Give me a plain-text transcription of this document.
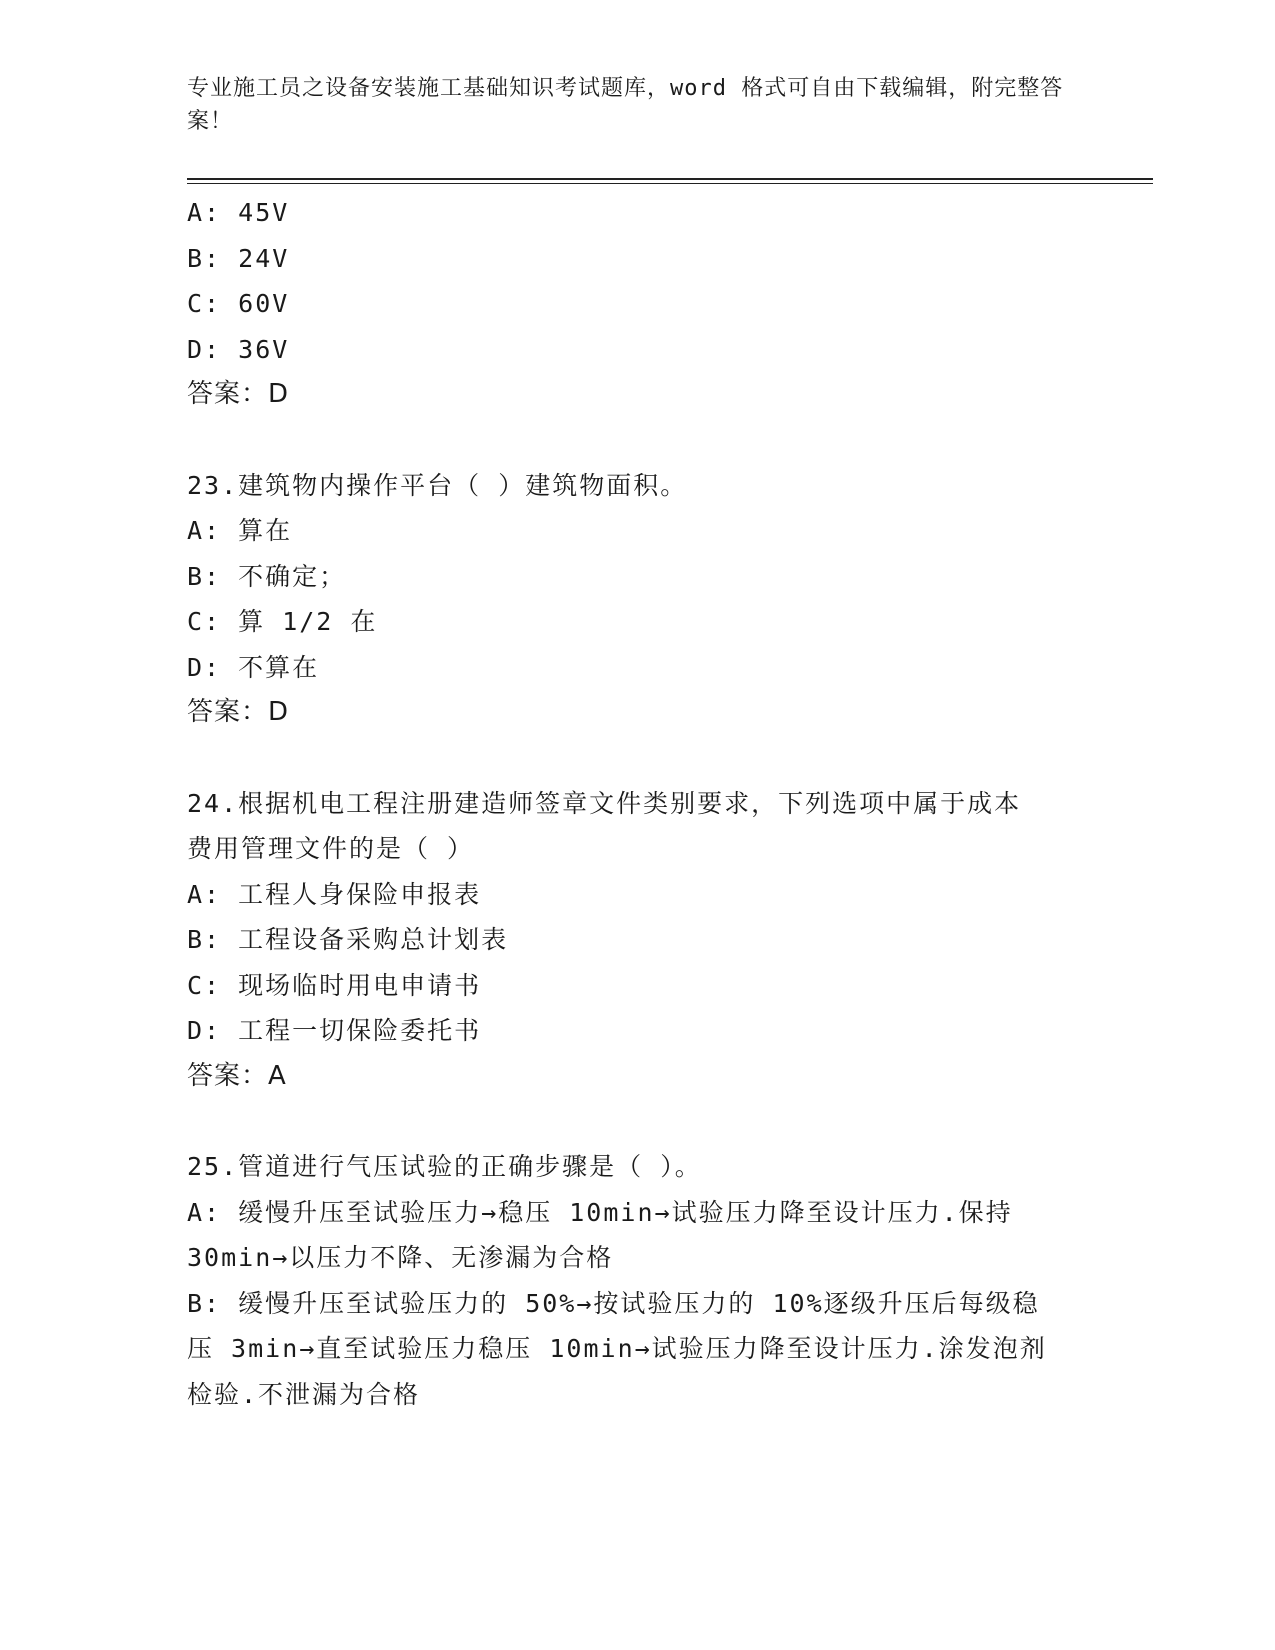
专业施工员之设备安装施工基础知识考试题库，word 格式可自由下载编辑，附完整答案！
A: 45V
B: 24V
C: 60V
D: 36V
答案：D
23.建筑物内操作平台（ ）建筑物面积。
A: 算在
B: 不确定；
C: 算 1/2 在
D: 不算在
答案：D
24.根据机电工程注册建造师签章文件类别要求，下列选项中属于成本
费用管理文件的是（ ）
A: 工程人身保险申报表
B: 工程设备采购总计划表
C: 现场临时用电申请书
D: 工程一切保险委托书
答案：A
25.管道进行气压试验的正确步骤是（ ）。
A: 缓慢升压至试验压力→稳压 10min→试验压力降至设计压力.保持
30min→以压力不降、无渗漏为合格
B: 缓慢升压至试验压力的 50%→按试验压力的 10%逐级升压后每级稳
压 3min→直至试验压力稳压 10min→试验压力降至设计压力.涂发泡剂
检验.不泄漏为合格
